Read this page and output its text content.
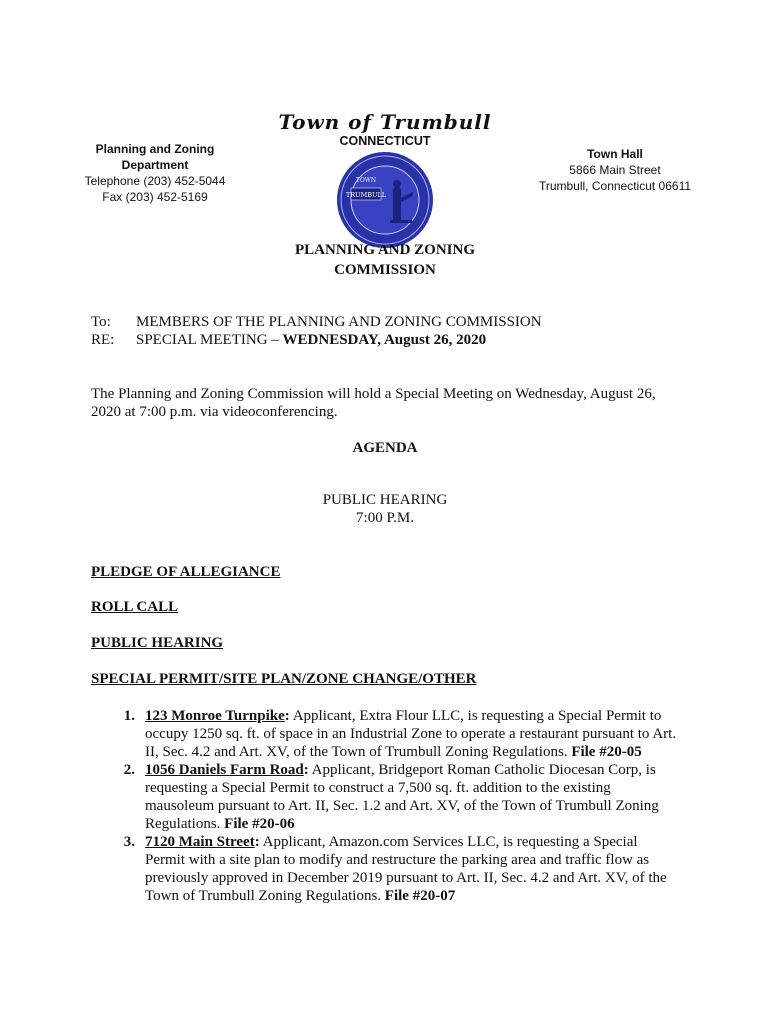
Town of Trumbull
CONNECTICUT
Planning and Zoning
Department
Telephone (203) 452-5044
Fax (203) 452-5169
Town Hall
5866 Main Street
Trumbull, Connecticut 06611
TOWN
TRUMBULL
PLANNING AND ZONING
COMMISSION
To:	MEMBERS OF THE PLANNING AND ZONING COMMISSION
RE:	SPECIAL MEETING – WEDNESDAY, August 26, 2020
The Planning and Zoning Commission will hold a Special Meeting on Wednesday, August 26, 2020 at 7:00 p.m. via videoconferencing.
AGENDA
PUBLIC HEARING
7:00 P.M.
PLEDGE OF ALLEGIANCE
ROLL CALL
PUBLIC HEARING
SPECIAL PERMIT/SITE PLAN/ZONE CHANGE/OTHER
1. 123 Monroe Turnpike: Applicant, Extra Flour LLC, is requesting a Special Permit to occupy 1250 sq. ft. of space in an Industrial Zone to operate a restaurant pursuant to Art. II, Sec. 4.2 and Art. XV, of the Town of Trumbull Zoning Regulations. File #20-05
2. 1056 Daniels Farm Road: Applicant, Bridgeport Roman Catholic Diocesan Corp, is requesting a Special Permit to construct a 7,500 sq. ft. addition to the existing mausoleum pursuant to Art. II, Sec. 1.2 and Art. XV, of the Town of Trumbull Zoning Regulations. File #20-06
3. 7120 Main Street: Applicant, Amazon.com Services LLC, is requesting a Special Permit with a site plan to modify and restructure the parking area and traffic flow as previously approved in December 2019 pursuant to Art. II, Sec. 4.2 and Art. XV, of the Town of Trumbull Zoning Regulations. File #20-07
